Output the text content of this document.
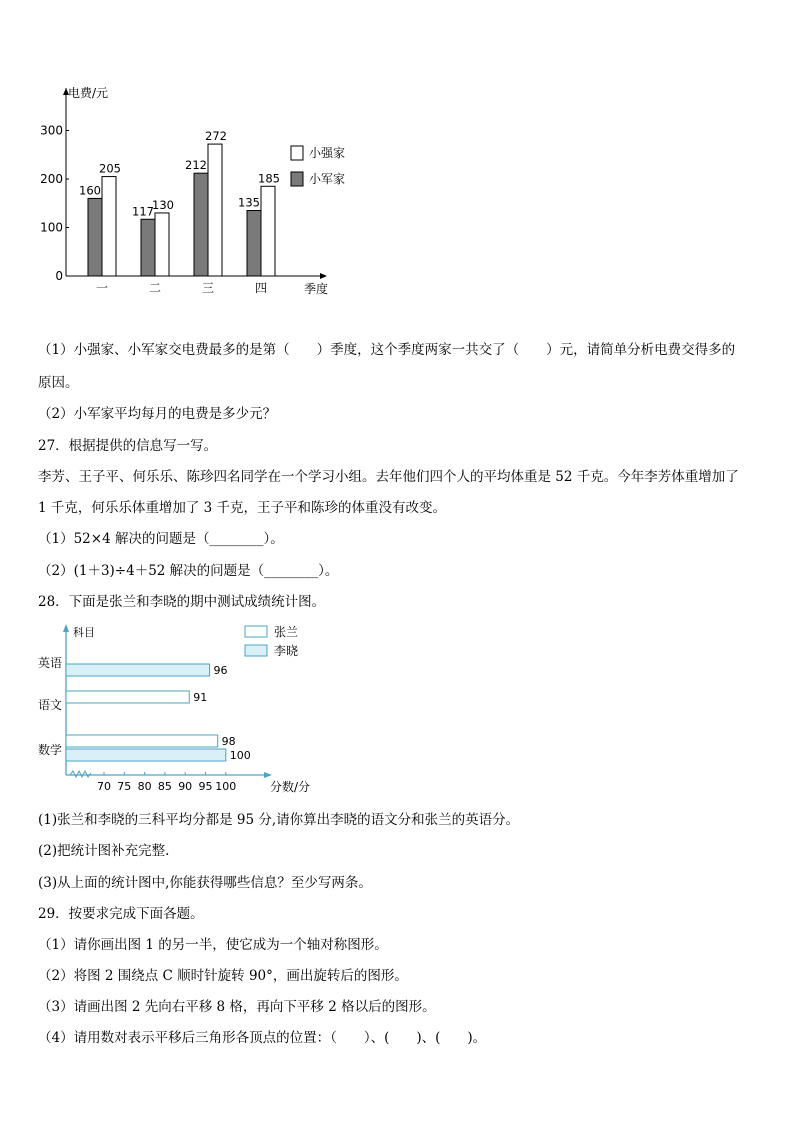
电费/元
季度
0
100
200
300
一
160
205
二
117
130
三
212
272
四
135
185
小强家
小军家
科目
分数/分
70 75 80 85 90 95 100
英语
语文
数学
91
98
96
100
张兰
李晓
（1）小强家、小军家交电费最多的是第（　　）季度，这个季度两家一共交了（　　）元，请简单分析电费交得多的
原因。
（2）小军家平均每月的电费是多少元？
27．根据提供的信息写一写。
李芳、王子平、何乐乐、陈珍四名同学在一个学习小组。去年他们四个人的平均体重是 52 千克。今年李芳体重增加了
1 千克，何乐乐体重增加了 3 千克，王子平和陈珍的体重没有改变。
（1）52×4 解决的问题是（________）。
（2）(1＋3)÷4＋52 解决的问题是（________）。
28．下面是张兰和李晓的期中测试成绩统计图。
(1)张兰和李晓的三科平均分都是 95 分,请你算出李晓的语文分和张兰的英语分。
(2)把统计图补充完整.
(3)从上面的统计图中,你能获得哪些信息？至少写两条。
29．按要求完成下面各题。
（1）请你画出图 1 的另一半，使它成为一个轴对称图形。
（2）将图 2 围绕点 C 顺时针旋转 90°，画出旋转后的图形。
（3）请画出图 2 先向右平移 8 格，再向下平移 2 格以后的图形。
（4）请用数对表示平移后三角形各顶点的位置：（　　）、(　　)、(　　)。
